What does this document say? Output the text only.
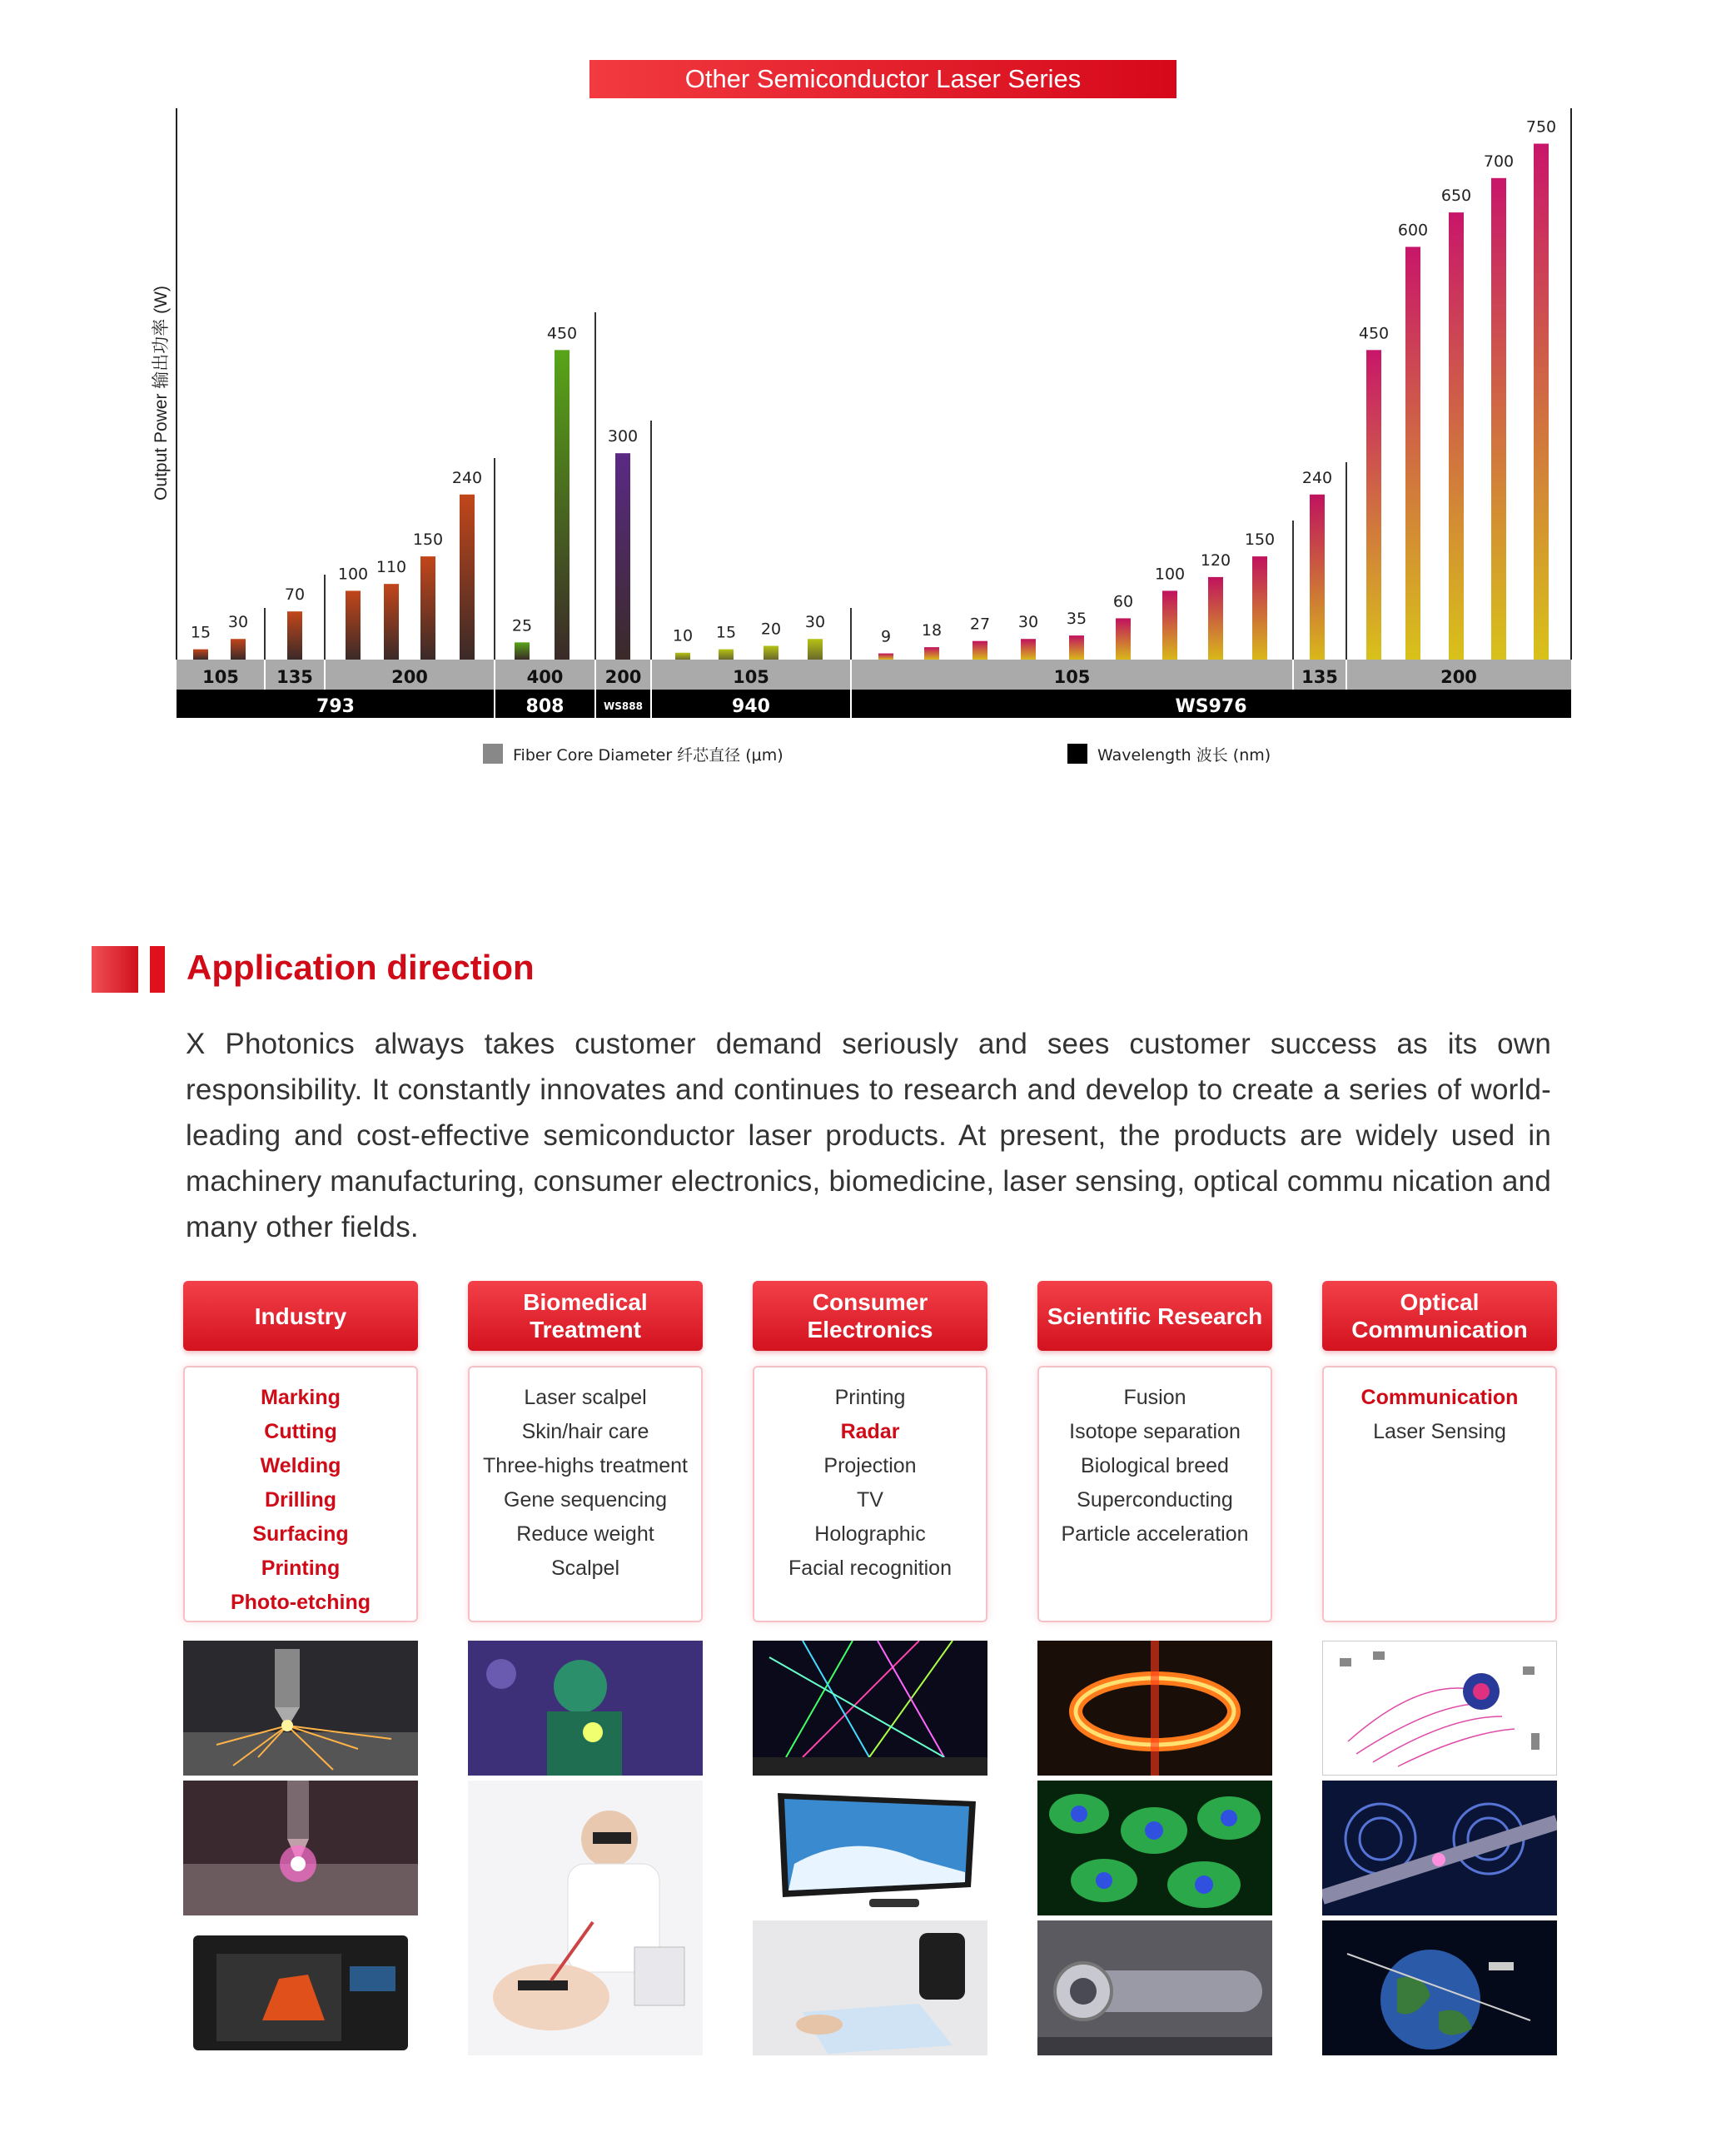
Output Power 输出功率 (W)
15
30
70
100 110
150
240
25
450
300
10 15 20 30
9 18 27 30 35
60
100
120
150
240
450
600
650
700
750
105 135	200	400 200	105	105	135	200
793	808	WS888	940	WS976
Fiber Core Diameter 纤芯直径 (μm)	Wavelength 波长 (nm)
Other Semiconductor Laser Series
Application direction
X Photonics always takes customer demand seriously and sees customer success as its own responsibility. It constantly innovates and continues to research and develop to create a series of world-leading and cost-effective semiconductor laser products. At present, the products are widely used in machinery manufacturing, consumer electronics, biomedicine, laser sensing, optical commu nication and many other fields.
Industry
Marking
Cutting
Welding
Drilling
Surfacing
Printing
Photo-etching
Biomedical Treatment
Laser scalpel
Skin/hair care
Three-highs treatment
Gene sequencing
Reduce weight
Scalpel
Consumer Electronics
Printing
Radar
Projection
TV
Holographic
Facial recognition
Scientific Research
Fusion
Isotope separation
Biological breed
Superconducting
Particle acceleration
Optical Communication
Communication
Laser Sensing
